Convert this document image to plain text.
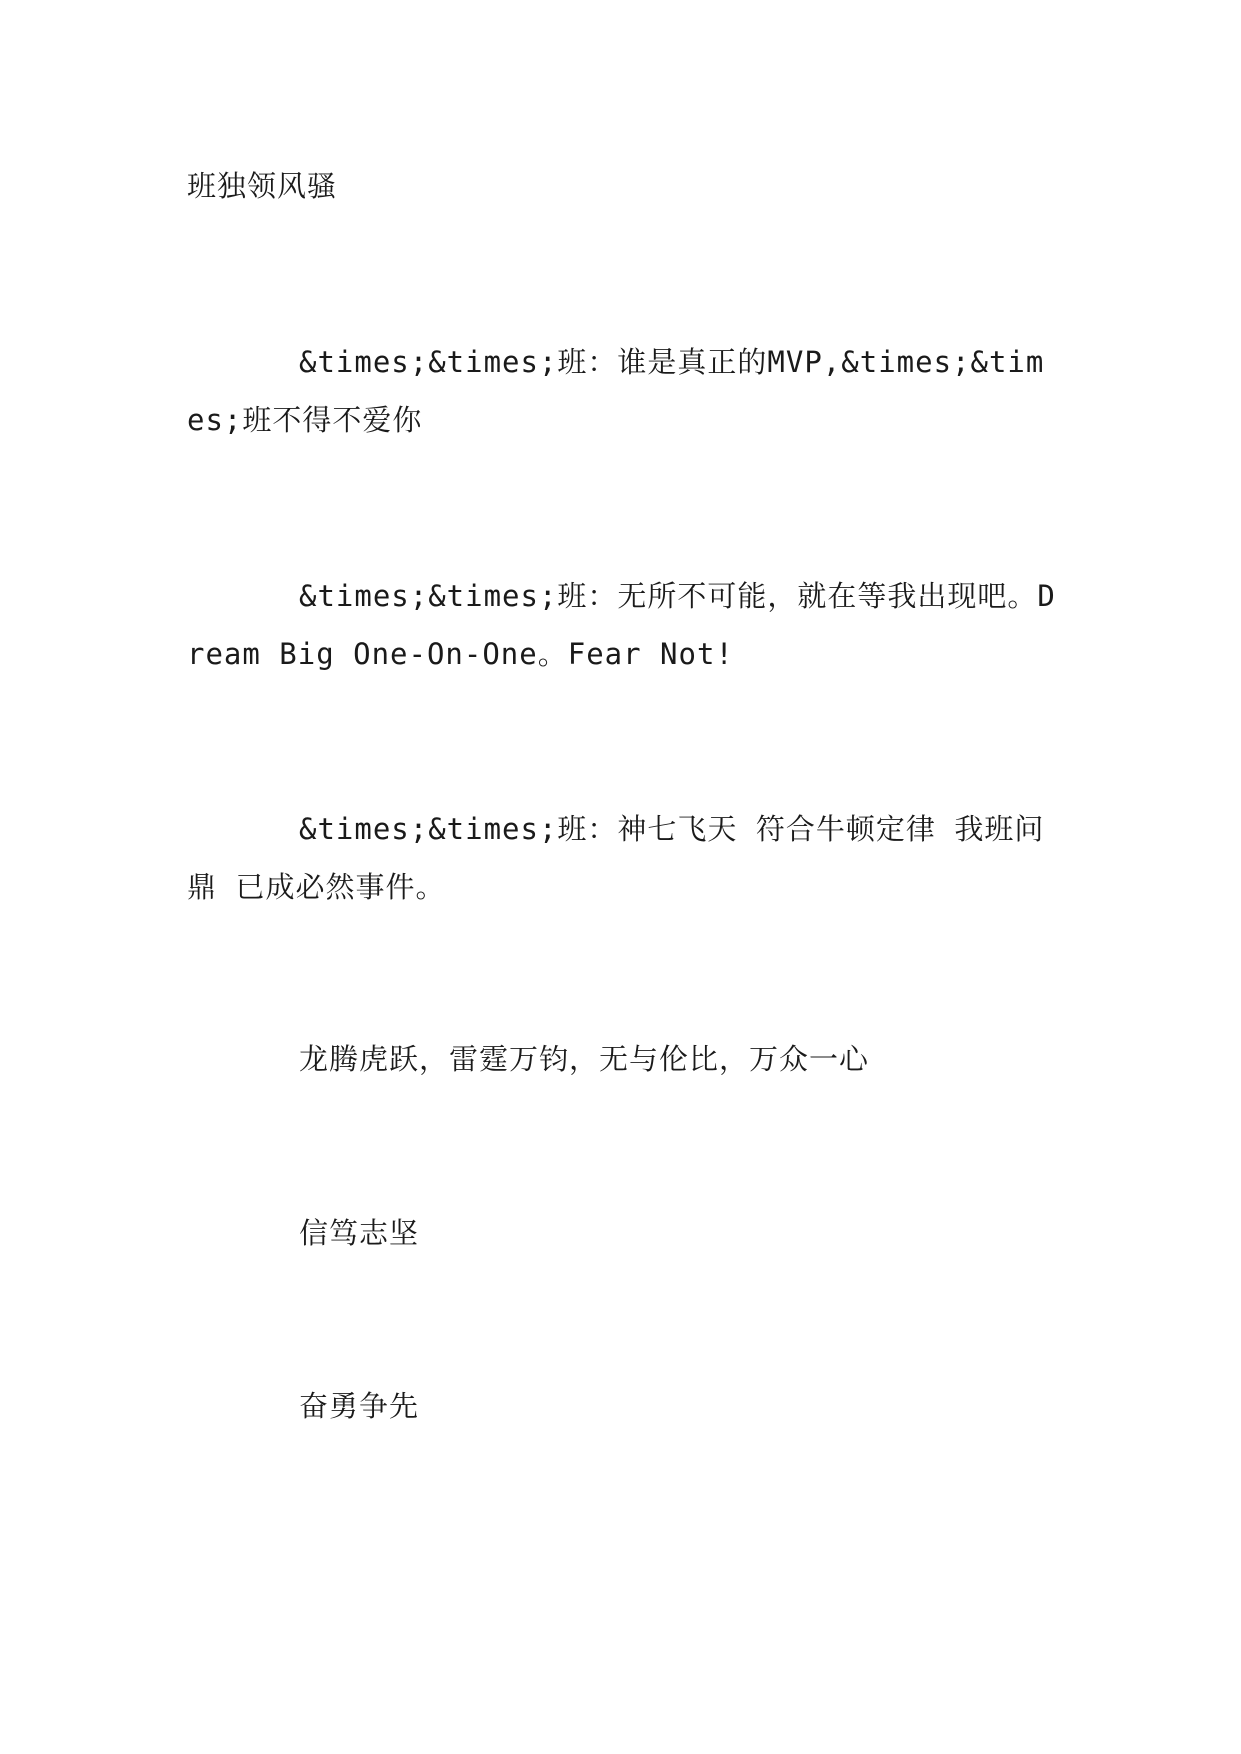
班独领风骚

&times;&times;班：谁是真正的MVP,&times;&times;班不得不爱你

&times;&times;班：无所不可能，就在等我出现吧。Dream Big One-On-One。Fear Not!

&times;&times;班：神七飞天 符合牛顿定律 我班问鼎 已成必然事件。

龙腾虎跃，雷霆万钧，无与伦比，万众一心

信笃志坚

奋勇争先
